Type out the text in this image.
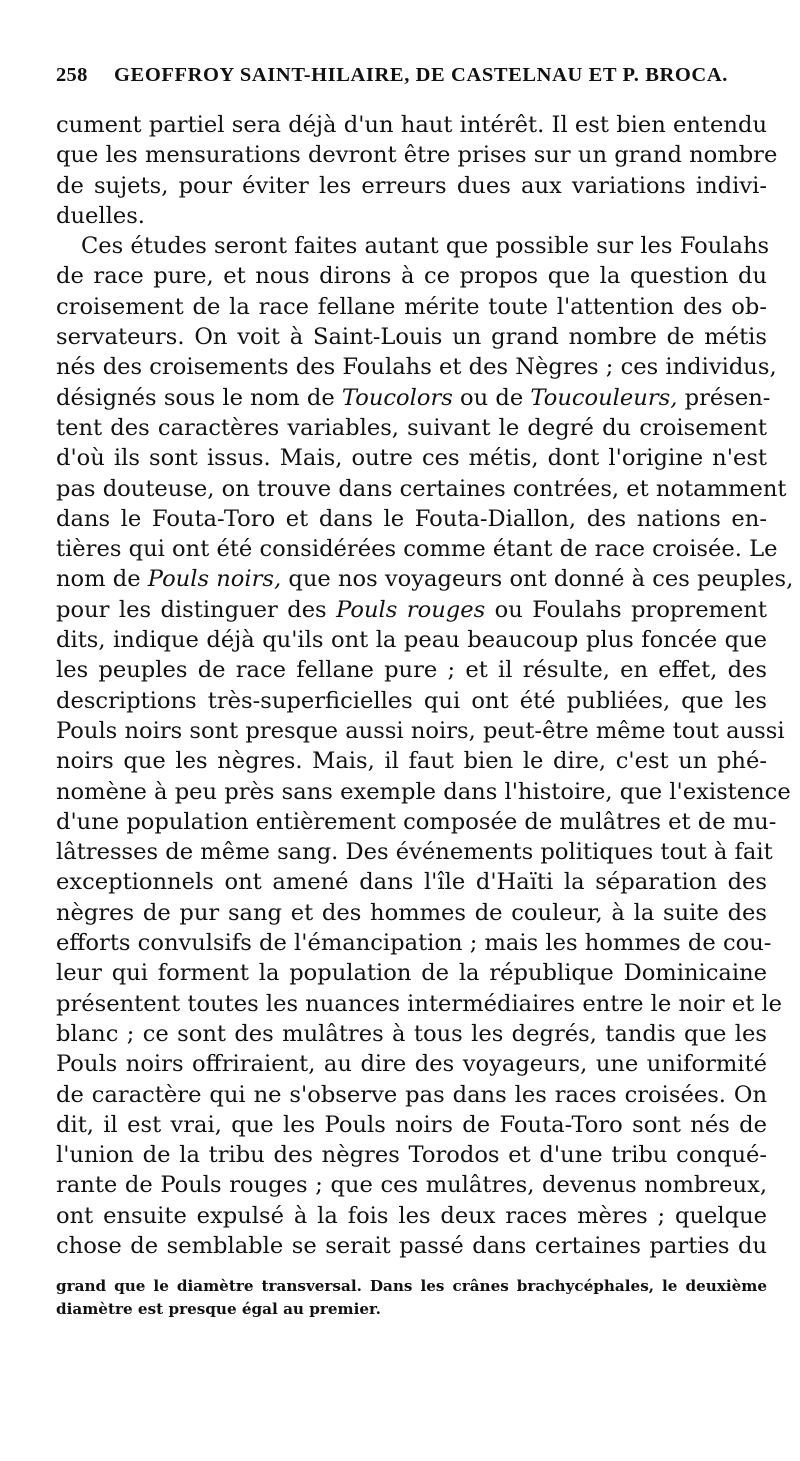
258	GEOFFROY SAINT-HILAIRE, DE CASTELNAU ET P. BROCA.
cument partiel sera déjà d'un haut intérêt. Il est bien entendu
que les mensurations devront être prises sur un grand nombre
de sujets, pour éviter les erreurs dues aux variations indivi-
duelles.
Ces études seront faites autant que possible sur les Foulahs
de race pure, et nous dirons à ce propos que la question du
croisement de la race fellane mérite toute l'attention des ob-
servateurs. On voit à Saint-Louis un grand nombre de métis
nés des croisements des Foulahs et des Nègres ; ces individus,
désignés sous le nom de Toucolors ou de Toucouleurs, présen-
tent des caractères variables, suivant le degré du croisement
d'où ils sont issus. Mais, outre ces métis, dont l'origine n'est
pas douteuse, on trouve dans certaines contrées, et notamment
dans le Fouta-Toro et dans le Fouta-Diallon, des nations en-
tières qui ont été considérées comme étant de race croisée. Le
nom de Pouls noirs, que nos voyageurs ont donné à ces peuples,
pour les distinguer des Pouls rouges ou Foulahs proprement
dits, indique déjà qu'ils ont la peau beaucoup plus foncée que
les peuples de race fellane pure ; et il résulte, en effet, des
descriptions très-superficielles qui ont été publiées, que les
Pouls noirs sont presque aussi noirs, peut-être même tout aussi
noirs que les nègres. Mais, il faut bien le dire, c'est un phé-
nomène à peu près sans exemple dans l'histoire, que l'existence
d'une population entièrement composée de mulâtres et de mu-
lâtresses de même sang. Des événements politiques tout à fait
exceptionnels ont amené dans l'île d'Haïti la séparation des
nègres de pur sang et des hommes de couleur, à la suite des
efforts convulsifs de l'émancipation ; mais les hommes de cou-
leur qui forment la population de la république Dominicaine
présentent toutes les nuances intermédiaires entre le noir et le
blanc ; ce sont des mulâtres à tous les degrés, tandis que les
Pouls noirs offriraient, au dire des voyageurs, une uniformité
de caractère qui ne s'observe pas dans les races croisées. On
dit, il est vrai, que les Pouls noirs de Fouta-Toro sont nés de
l'union de la tribu des nègres Torodos et d'une tribu conqué-
rante de Pouls rouges ; que ces mulâtres, devenus nombreux,
ont ensuite expulsé à la fois les deux races mères ; quelque
chose de semblable se serait passé dans certaines parties du
grand que le diamètre transversal. Dans les crânes brachycéphales, le deuxième
diamètre est presque égal au premier.
